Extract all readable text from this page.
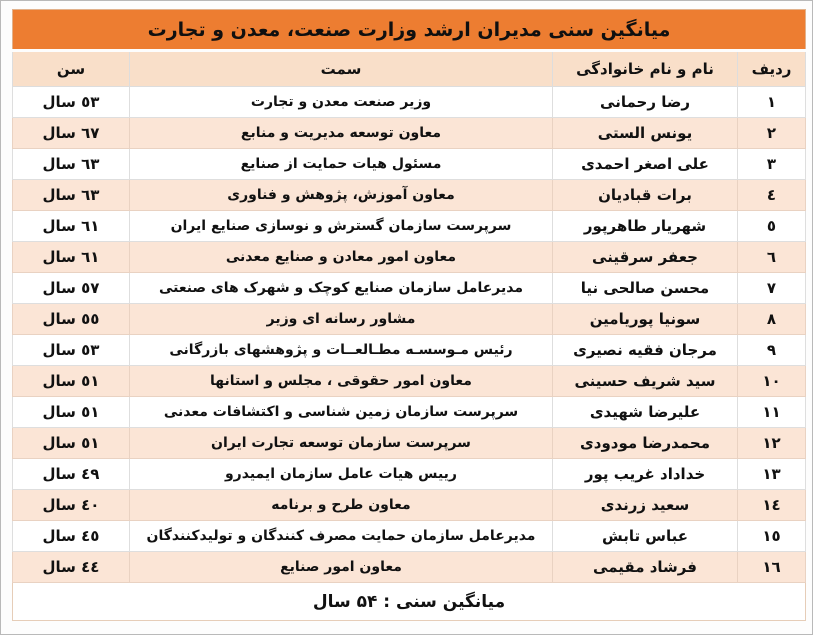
میانگین سنی مدیران ارشد وزارت صنعت، معدن و تجارت			
ردیف	نام و نام خانوادگی	سمت	سن
١	رضا رحمانی	وزیر صنعت معدن و تجارت	٥٣ سال
٢	یونس الستی	معاون توسعه مدیریت و منابع	٦٧ سال
٣	علی اصغر احمدی	مسئول هیات حمایت از صنایع	٦٣ سال
٤	برات قبادیان	معاون آموزش، پژوهش و فناوری	٦٣ سال
٥	شهریار طاهرپور	سرپرست سازمان گسترش و نوسازی صنایع ایران	٦١ سال
٦	جعفر سرقینی	معاون امور معادن و صنایع معدنی	٦١ سال
٧	محسن صالحی نیا	مدیرعامل سازمان صنایع کوچک و شهرک های صنعتی	٥٧ سال
٨	سونیا پوریامین	مشاور رسانه ای وزیر	٥٥ سال
٩	مرجان فقیه نصیری	رئیس مـوسسـه مطـالعــات و پژوهشهای بازرگانی	٥٣ سال
١٠	سید شریف حسینی	معاون امور حقوقی ، مجلس و استانها	٥١ سال
١١	علیرضا شهیدی	سرپرست سازمان زمین شناسی و اکتشافات معدنی	٥١ سال
١٢	محمدرضا مودودی	سرپرست سازمان توسعه تجارت ایران	٥١ سال
١٣	خداداد غریب پور	رییس هیات عامل سازمان ایمیدرو	٤٩ سال
١٤	سعید زرندی	معاون طرح و برنامه	٤٠ سال
١٥	عباس تابش	مدیرعامل سازمان حمایت مصرف کنندگان و تولیدکنندگان	٤٥ سال
١٦	فرشاد مقیمی	معاون امور صنایع	٤٤ سال
میانگین سنی : ۵۴ سال			
